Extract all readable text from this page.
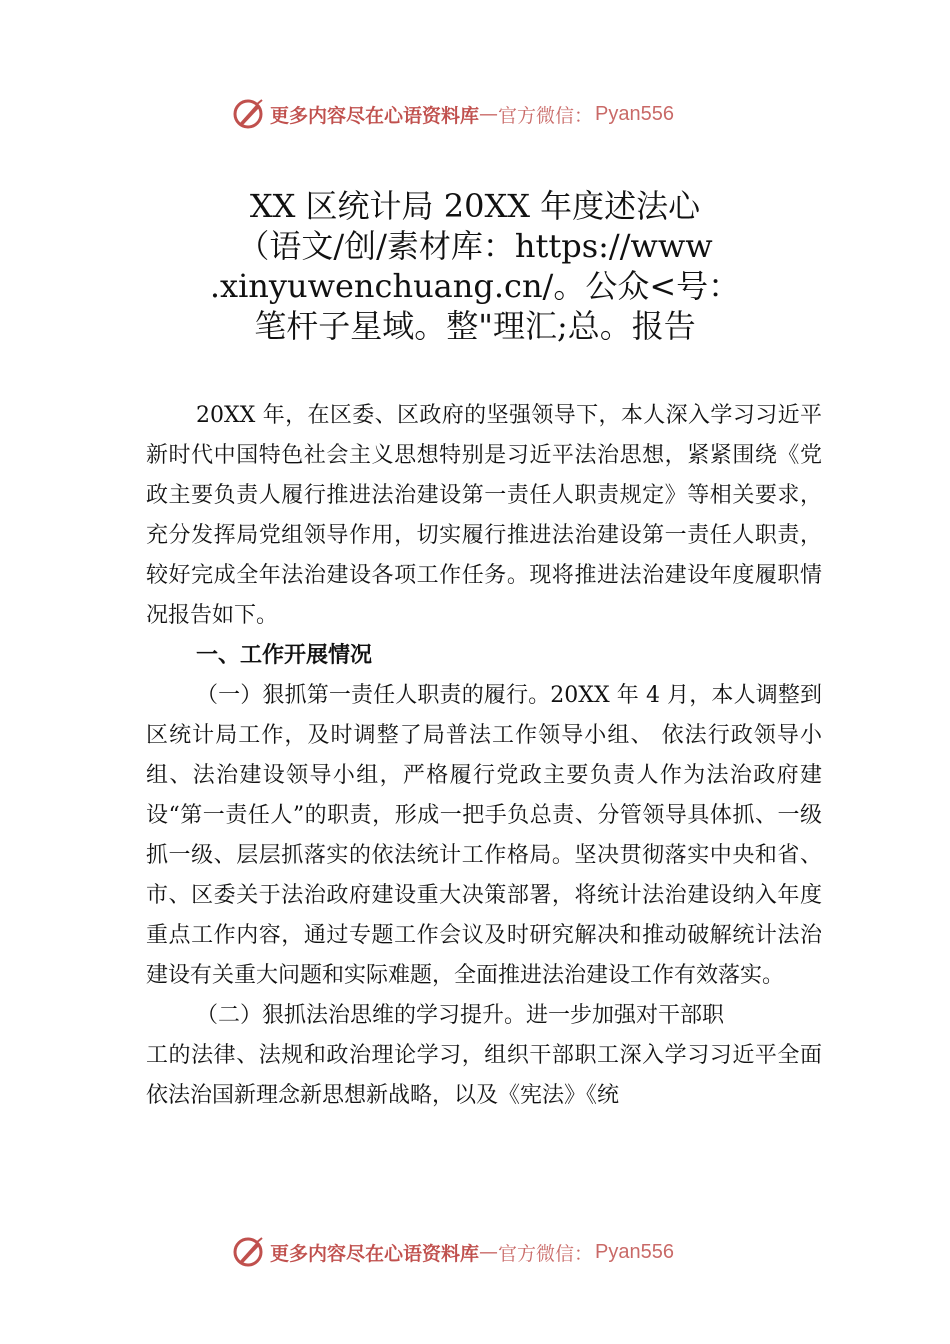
更多内容尽在心语资料库 — 官方微信： Pyan556
XX 区统计局 20XX 年度述法心
（语文/创/素材库：https://www
.xinyuwenchuang.cn/。公众<号：
笔杆子星域。整"理汇;总。报告

20XX 年，在区委、区政府的坚强领导下，本人深入学习习近平新时代中国特色社会主义思想特别是习近平法治思想，紧紧围绕《党政主要负责人履行推进法治建设第一责任人职责规定》等相关要求，充分发挥局党组领导作用，切实履行推进法治建设第一责任人职责，较好完成全年法治建设各项工作任务。现将推进法治建设年度履职情况报告如下。

一、工作开展情况

（一）狠抓第一责任人职责的履行。20XX 年 4 月，本人调整到区统计局工作，及时调整了局普法工作领导小组、 依法行政领导小组、法治建设领导小组，严格履行党政主要负责人作为法治政府建设“第一责任人”的职责，形成一把手负总责、分管领导具体抓、一级抓一级、层层抓落实的依法统计工作格局。坚决贯彻落实中央和省、市、区委关于法治政府建设重大决策部署，将统计法治建设纳入年度重点工作内容，通过专题工作会议及时研究解决和推动破解统计法治建设有关重大问题和实际难题，全面推进法治建设工作有效落实。

（二）狠抓法治思维的学习提升。进一步加强对干部职

工的法律、法规和政治理论学习，组织干部职工深入学习习近平全面依法治国新理念新思想新战略，以及《宪法》《统
更多内容尽在心语资料库 — 官方微信： Pyan556
